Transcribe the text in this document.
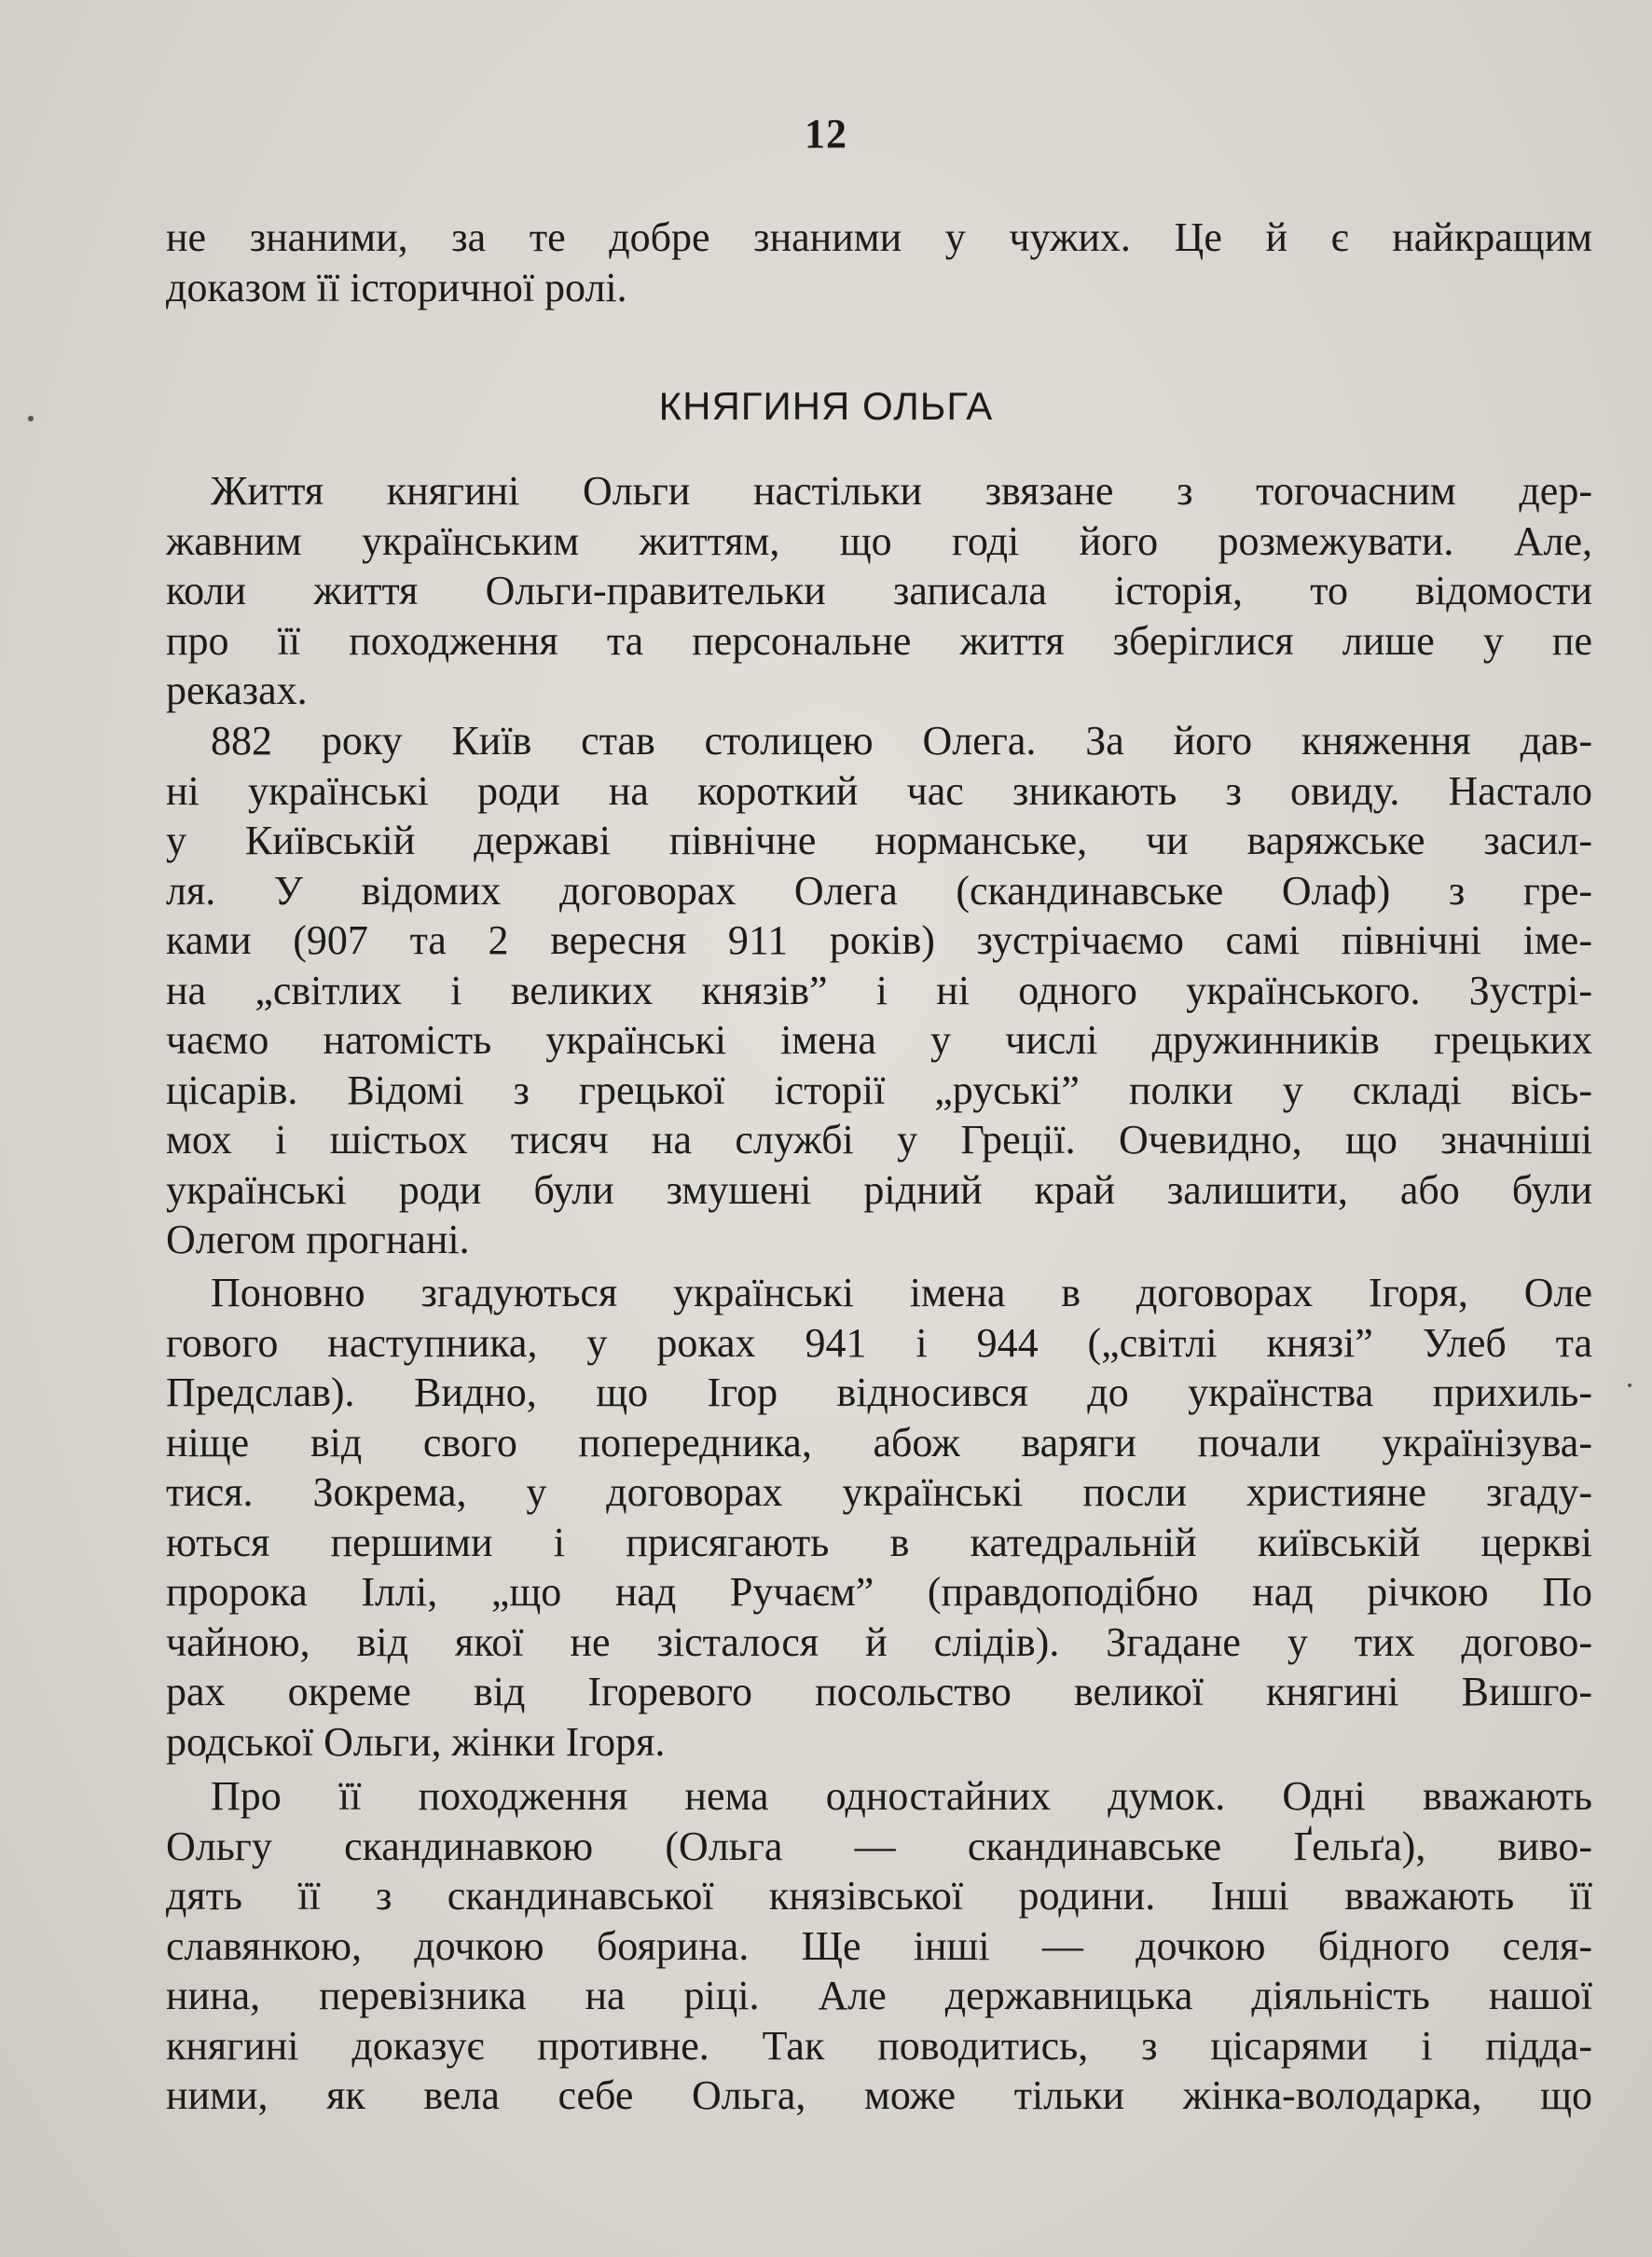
12
не знаними, за те добре знаними у чужих. Це й є найкращим
доказом її історичної ролі.
КНЯГИНЯ ОЛЬГА
Життя княгині Ольги настільки звязане з тогочасним дер-
жавним українським життям, що годі його розмежувати. Але,
коли життя Ольги-правительки записала історія, то відомости
про її походження та персональне життя зберіглися лише у пе
реказах.
882 року Київ став столицею Олега. За його княження дав-
ні українські роди на короткий час зникають з овиду. Настало
у Київській державі північне норманське, чи варяжське засил-
ля. У відомих договорах Олега (скандинавське Олаф) з гре-
ками (907 та 2 вересня 911 років) зустрічаємо самі північні іме-
на „світлих і великих князів” і ні одного українського. Зустрі-
чаємо натомість українські імена у числі дружинників грецьких
цісарів. Відомі з грецької історії „руські” полки у складі вісь-
мох і шістьох тисяч на службі у Греції. Очевидно, що значніші
українські роди були змушені рідний край залишити, або були
Олегом прогнані.
Поновно згадуються українські імена в договорах Ігоря, Оле
гового наступника, у роках 941 і 944 („світлі князі” Улеб та
Предслав). Видно, що Ігор відносився до українства прихиль-
ніще від свого попередника, абож варяги почали українізува-
тися. Зокрема, у договорах українські посли християне згаду-
ються першими і присягають в катедральній київській церкві
пророка Іллі, „що над Ручаєм” (правдоподібно над річкою По
чайною, від якої не зісталося й слідів). Згадане у тих догово-
рах окреме від Ігоревого посольство великої княгині Вишго-
родської Ольги, жінки Ігоря.
Про її походження нема одностайних думок. Одні вважають
Ольгу скандинавкою (Ольга — скандинавське Ґельґа), виво-
дять її з скандинавської князівської родини. Інші вважають її
славянкою, дочкою боярина. Ще інші — дочкою бідного селя-
нина, перевізника на ріці. Але державницька діяльність нашої
княгині доказує противне. Так поводитись, з цісарями і підда-
ними, як вела себе Ольга, може тільки жінка-володарка, що
